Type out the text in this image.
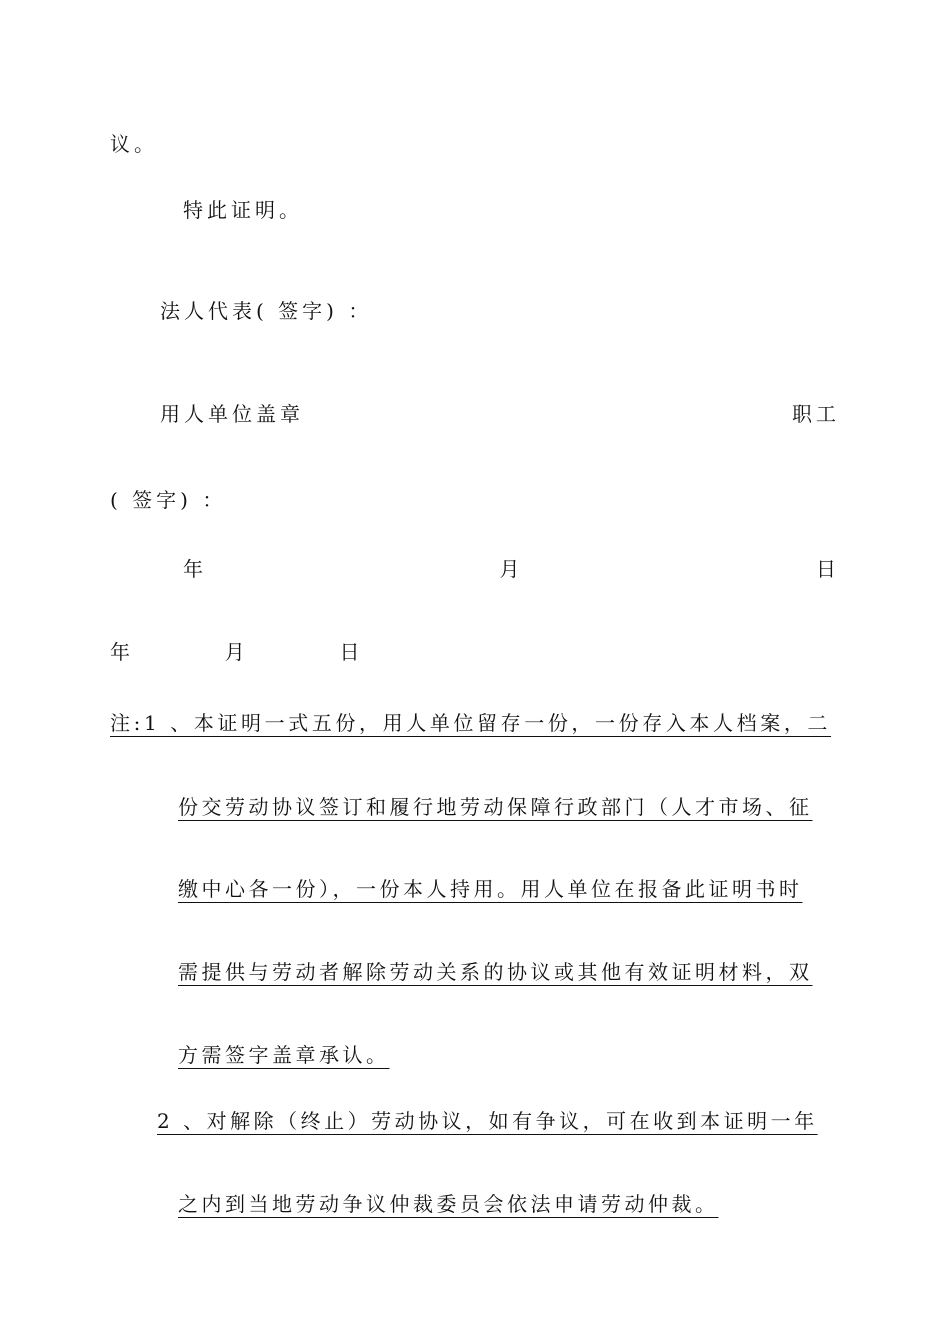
议。
特此证明。
法人代表( 签字) ：
用人单位盖章	职工
( 签字) ：
年	月	日
年	月	日
注:1 、本证明一式五份，用人单位留存一份，一份存入本人档案，二
份交劳动协议签订和履行地劳动保障行政部门（人才市场、征
缴中心各一份），一份本人持用。用人单位在报备此证明书时
需提供与劳动者解除劳动关系的协议或其他有效证明材料，双
方需签字盖章承认。
2 、对解除（终止）劳动协议，如有争议，可在收到本证明一年
之内到当地劳动争议仲裁委员会依法申请劳动仲裁。
